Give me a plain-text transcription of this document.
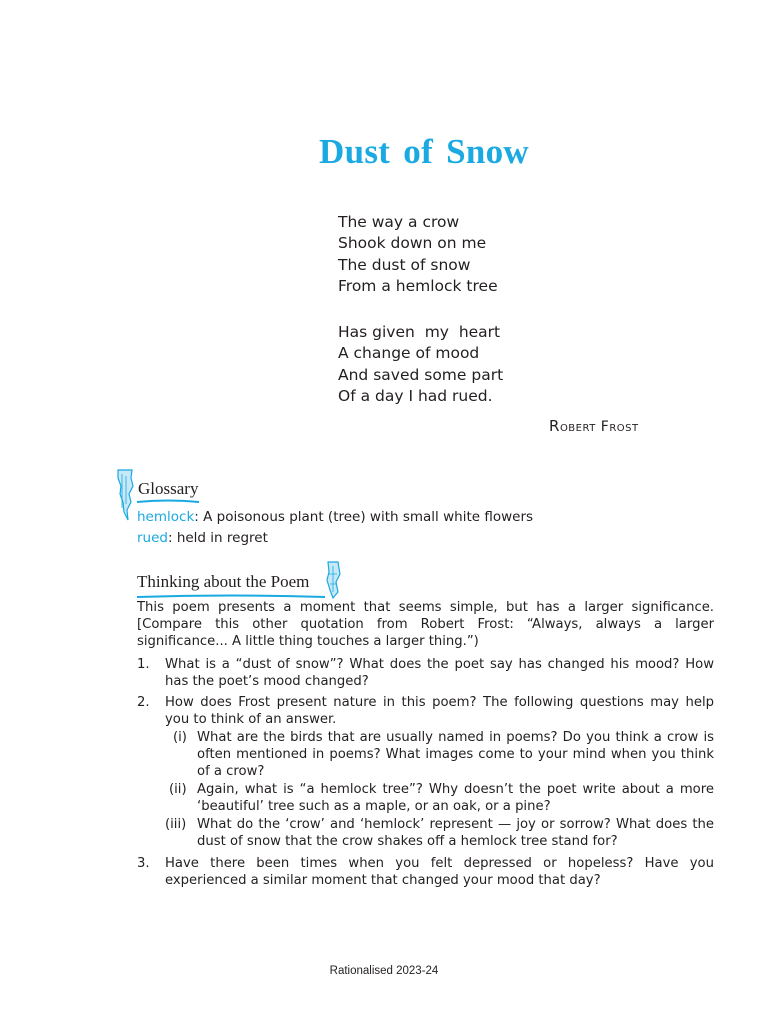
Dust of Snow
The way a crow
Shook down on me
The dust of snow
From a hemlock tree
Has given  my  heart
A change of mood
And saved some part
Of a day I had rued.
Robert Frost
Glossary
hemlock: A poisonous plant (tree) with small white flowers
rued: held in regret
Thinking about the Poem
This poem presents a moment that seems simple, but has a larger significance. [Compare this other quotation from Robert Frost: “Always, always a larger significance... A little thing touches a larger thing.”)
1. What is a “dust of snow”? What does the poet say has changed his mood? How has the poet’s mood changed?
2. How does Frost present nature in this poem? The following questions may help you to think of an answer.
(i) What are the birds that are usually named in poems? Do you think a crow is often mentioned in poems? What images come to your mind when you think of a crow?
(ii) Again, what is “a hemlock tree”? Why doesn’t the poet write about a more ‘beautiful’ tree such as a maple, or an oak, or a pine?
(iii) What do the ‘crow’ and ‘hemlock’ represent — joy or sorrow? What does the dust of snow that the crow shakes off a hemlock tree stand for?
3. Have there been times when you felt depressed or hopeless? Have you experienced a similar moment that changed your mood that day?
Rationalised 2023-24
